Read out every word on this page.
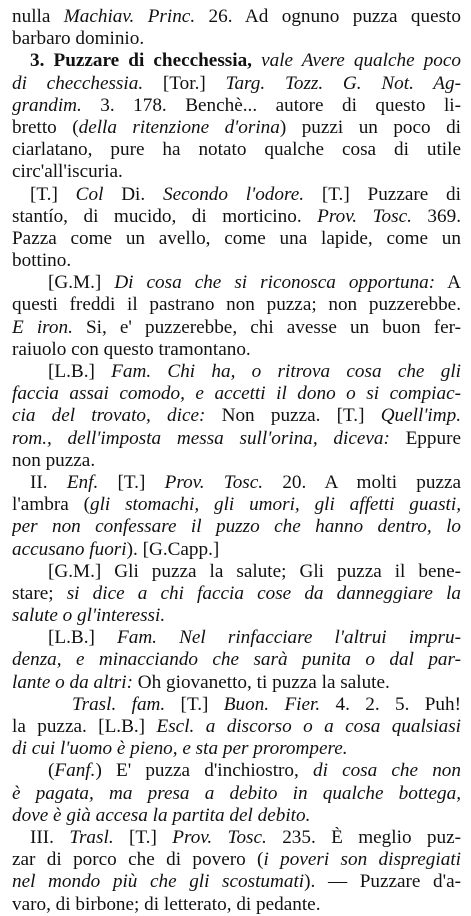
nulla Machiav. Princ. 26. Ad ognuno puzza questo
barbaro dominio.
3. Puzzare di checchessia, vale Avere qualche poco
di checchessia. [Tor.] Targ. Tozz. G. Not. Ag-
grandim. 3. 178. Benchè... autore di questo li-
bretto (della ritenzione d'orina) puzzi un poco di
ciarlatano, pure ha notato qualche cosa di utile
circ'all'iscuria.
[T.] Col Di. Secondo l'odore. [T.] Puzzare di
stantío, di mucido, di morticino. Prov. Tosc. 369.
Pazza come un avello, come una lapide, come un
bottino.
[G.M.] Di cosa che si riconosca opportuna: A
questi freddi il pastrano non puzza; non puzzerebbe.
E iron. Si, e' puzzerebbe, chi avesse un buon fer-
raiuolo con questo tramontano.
[L.B.] Fam. Chi ha, o ritrova cosa che gli
faccia assai comodo, e accetti il dono o si compiac-
cia del trovato, dice: Non puzza. [T.] Quell'imp.
rom., dell'imposta messa sull'orina, diceva: Eppure
non puzza.
II. Enf. [T.] Prov. Tosc. 20. A molti puzza
l'ambra (gli stomachi, gli umori, gli affetti guasti,
per non confessare il puzzo che hanno dentro, lo
accusano fuori). [G.Capp.]
[G.M.] Gli puzza la salute; Gli puzza il bene-
stare; si dice a chi faccia cose da danneggiare la
salute o gl'interessi.
[L.B.] Fam. Nel rinfacciare l'altrui impru-
denza, e minacciando che sarà punita o dal par-
lante o da altri: Oh giovanetto, ti puzza la salute.
Trasl. fam. [T.] Buon. Fier. 4. 2. 5. Puh!
la puzza. [L.B.] Escl. a discorso o a cosa qualsiasi
di cui l'uomo è pieno, e sta per prorompere.
(Fanf.) E' puzza d'inchiostro, di cosa che non
è pagata, ma presa a debito in qualche bottega,
dove è già accesa la partita del debito.
III. Trasl. [T.] Prov. Tosc. 235. È meglio puz-
zar di porco che di povero (i poveri son dispregiati
nel mondo più che gli scostumati). — Puzzare d'a-
varo, di birbone; di letterato, di pedante.
